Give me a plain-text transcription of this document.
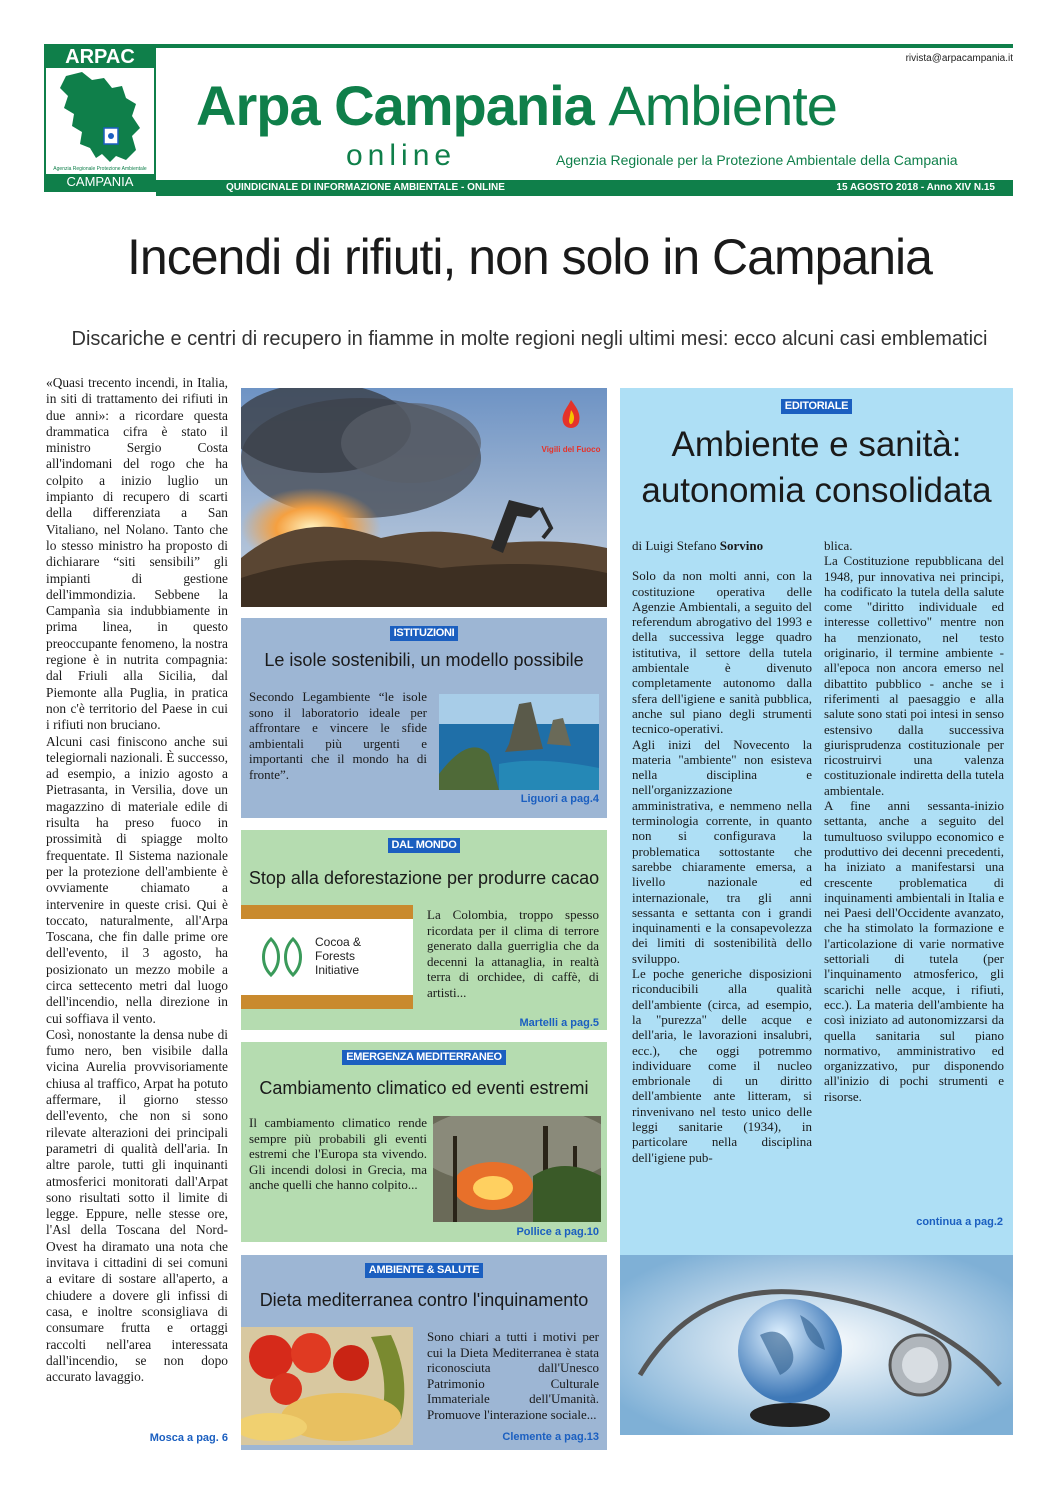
ARPAC
Agenzia Regionale Protezione Ambientale
CAMPANIA
rivista@arpacampania.it
Arpa Campania Ambiente
online	Agenzia Regionale per la Protezione Ambientale della Campania
QUINDICINALE DI INFORMAZIONE AMBIENTALE - ONLINE	15 AGOSTO 2018 - Anno XIV N.15
Incendi di rifiuti, non solo in Campania
Discariche e centri di recupero in fiamme in molte regioni negli ultimi mesi: ecco alcuni casi emblematici

«Quasi trecento incendi, in Italia, in siti di trattamento dei rifiuti in due anni»: a ricordare questa drammatica cifra è stato il ministro Sergio Costa all'indomani del rogo che ha colpito a inizio luglio un impianto di recupero di scarti della differenziata a San Vitaliano, nel Nolano. Tanto che lo stesso ministro ha proposto di dichiarare “siti sensibili” gli impianti di gestione dell'immondizia. Sebbene la Campanìa sia indubbiamente in prima linea, in questo preoccupante fenomeno, la nostra regione è in nutrita compagnia: dal Friuli alla Sicilia, dal Piemonte alla Puglia, in pratica non c'è territorio del Paese in cui i rifiuti non bruciano.

Alcuni casi finiscono anche sui telegiornali nazionali. È successo, ad esempio, a inizio agosto a Pietrasanta, in Versilia, dove un magazzino di materiale edile di risulta ha preso fuoco in prossimità di spiagge molto frequentate. Il Sistema nazionale per la protezione dell'ambiente è ovviamente chiamato a intervenire in queste crisi. Qui è toccato, naturalmente, all'Arpa Toscana, che fin dalle prime ore dell'evento, il 3 agosto, ha posizionato un mezzo mobile a circa settecento metri dal luogo dell'incendio, nella direzione in cui soffiava il vento.

Così, nonostante la densa nube di fumo nero, ben visibile dalla vicina Aurelia provvisoriamente chiusa al traffico, Arpat ha potuto affermare, il giorno stesso dell'evento, che non si sono rilevate alterazioni dei principali parametri di qualità dell'aria. In altre parole, tutti gli inquinanti atmosferici monitorati dall'Arpat sono risultati sotto il limite di legge. Eppure, nelle stesse ore, l'Asl della Toscana del Nord-Ovest ha diramato una nota che invitava i cittadini di sei comuni a evitare di sostare all'aperto, a chiudere a dovere gli infissi di casa, e inoltre sconsigliava di consumare frutta e ortaggi raccolti nell'area interessata dall'incendio, se non dopo accurato lavaggio.

Mosca a pag. 6
Vigili del Fuoco
ISTITUZIONI
Le isole sostenibili, un modello possibile
Secondo Legambiente “le isole sono il laboratorio ideale per affrontare e vincere le sfide ambientali più urgenti e importanti che il mondo ha di fronte”.
Liguori a pag.4
DAL MONDO
Stop alla deforestazione per produrre cacao
Cocoa &
Forests
Initiative
La Colombia, troppo spesso ricordata per il clima di terrore generato dalla guerriglia che da decenni la attanaglia, in realtà terra di orchidee, di caffè, di artisti...
Martelli a pag.5
EMERGENZA MEDITERRANEO
Cambiamento climatico ed eventi estremi
Il cambiamento climatico rende sempre più probabili gli eventi estremi che l'Europa sta vivendo. Gli incendi dolosi in Grecia, ma anche quelli che hanno colpito...
Pollice a pag.10
AMBIENTE & SALUTE
Dieta mediterranea contro l'inquinamento
Sono chiari a tutti i motivi per cui la Dieta Mediterranea è stata riconosciuta dall'Unesco Patrimonio Culturale Immateriale dell'Umanità. Promuove l'interazione sociale...
Clemente a pag.13
EDITORIALE
Ambiente e sanità:
autonomia consolidata

di Luigi Stefano Sorvino

Solo da non molti anni, con la costituzione operativa delle Agenzie Ambientali, a seguito del referendum abrogativo del 1993 e della successiva legge quadro istitutiva, il settore della tutela ambientale è divenuto completamente autonomo dalla sfera dell'igiene e sanità pubblica, anche sul piano degli strumenti tecnico-operativi.

Agli inizi del Novecento la materia "ambiente" non esisteva nella disciplina e nell'organizzazione amministrativa, e nemmeno nella terminologia corrente, in quanto non si configurava la problematica sottostante che sarebbe chiaramente emersa, a livello nazionale ed internazionale, tra gli anni sessanta e settanta con i grandi inquinamenti e la consapevolezza dei limiti di sostenibilità dello sviluppo.

Le poche generiche disposizioni riconducibili alla qualità dell'ambiente (circa, ad esempio, la "purezza" delle acque e dell'aria, le lavorazioni insalubri, ecc.), che oggi potremmo individuare come il nucleo embrionale di un diritto dell'ambiente ante litteram, si rinvenivano nel testo unico delle leggi sanitarie (1934), in particolare nella disciplina dell'igiene pub-

blica.

La Costituzione repubblicana del 1948, pur innovativa nei principi, ha codificato la tutela della salute come "diritto individuale ed interesse collettivo" mentre non ha menzionato, nel testo originario, il termine ambiente - all'epoca non ancora emerso nel dibattito pubblico - anche se i riferimenti al paesaggio e alla salute sono stati poi intesi in senso estensivo dalla successiva giurisprudenza costituzionale per ricostruirvi una valenza costituzionale indiretta della tutela ambientale.

A fine anni sessanta-inizio settanta, anche a seguito del tumultuoso sviluppo economico e produttivo dei decenni precedenti, ha iniziato a manifestarsi una crescente problematica di inquinamenti ambientali in Italia e nei Paesi dell'Occidente avanzato, che ha stimolato la formazione e l'articolazione di varie normative settoriali di tutela (per l'inquinamento atmosferico, gli scarichi nelle acque, i rifiuti, ecc.). La materia dell'ambiente ha così iniziato ad autonomizzarsi da quella sanitaria sul piano normativo, amministrativo ed organizzativo, pur disponendo all'inizio di pochi strumenti e risorse.

continua a pag.2
